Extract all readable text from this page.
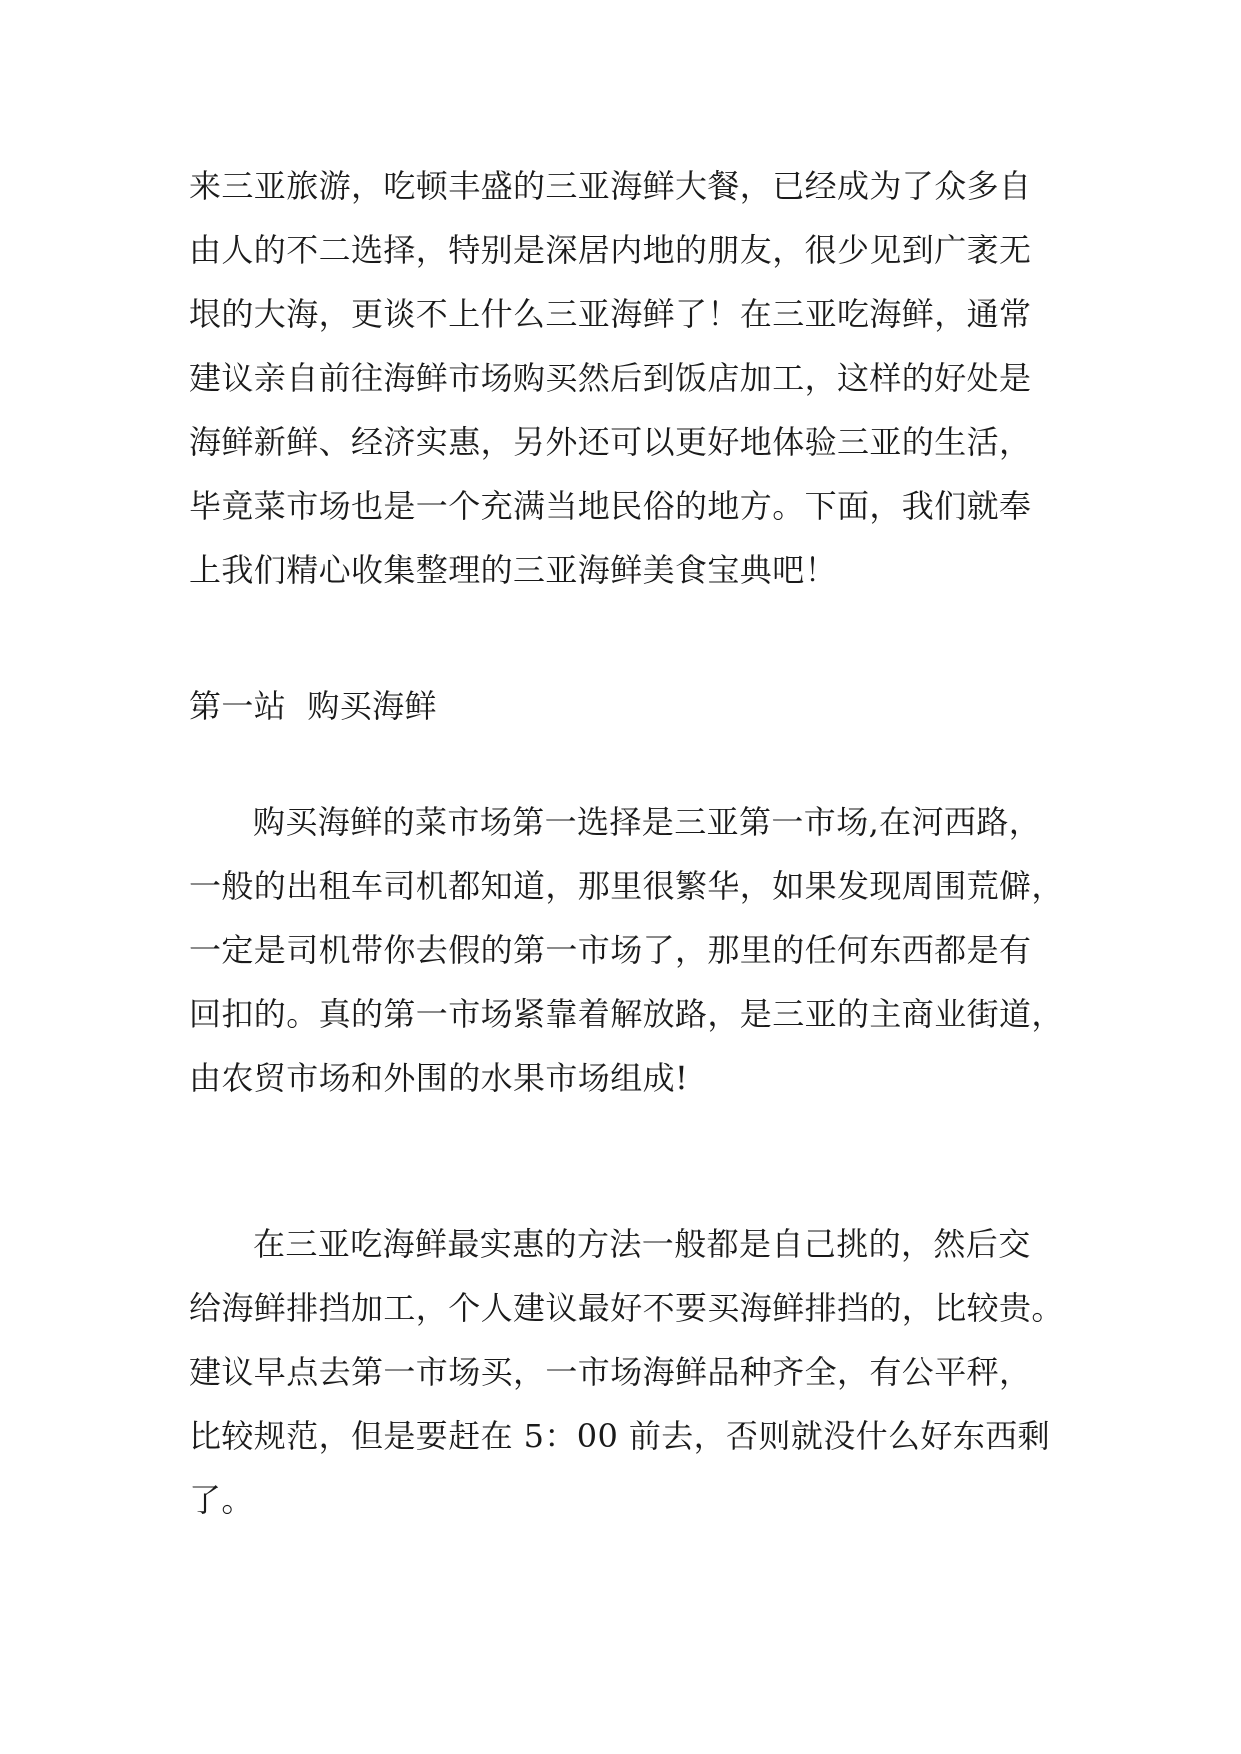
来三亚旅游，吃顿丰盛的三亚海鲜大餐，已经成为了众多自
由人的不二选择，特别是深居内地的朋友，很少见到广袤无
垠的大海，更谈不上什么三亚海鲜了！在三亚吃海鲜，通常
建议亲自前往海鲜市场购买然后到饭店加工，这样的好处是
海鲜新鲜、经济实惠，另外还可以更好地体验三亚的生活，
毕竟菜市场也是一个充满当地民俗的地方。下面，我们就奉
上我们精心收集整理的三亚海鲜美食宝典吧！
第一站  购买海鲜
购买海鲜的菜市场第一选择是三亚第一市场,在河西路，
一般的出租车司机都知道，那里很繁华，如果发现周围荒僻，
一定是司机带你去假的第一市场了，那里的任何东西都是有
回扣的。真的第一市场紧靠着解放路，是三亚的主商业街道，
由农贸市场和外围的水果市场组成!
在三亚吃海鲜最实惠的方法一般都是自己挑的，然后交
给海鲜排挡加工，个人建议最好不要买海鲜排挡的，比较贵。
建议早点去第一市场买，一市场海鲜品种齐全，有公平秤，
比较规范，但是要赶在 5：00 前去，否则就没什么好东西剩
了。
